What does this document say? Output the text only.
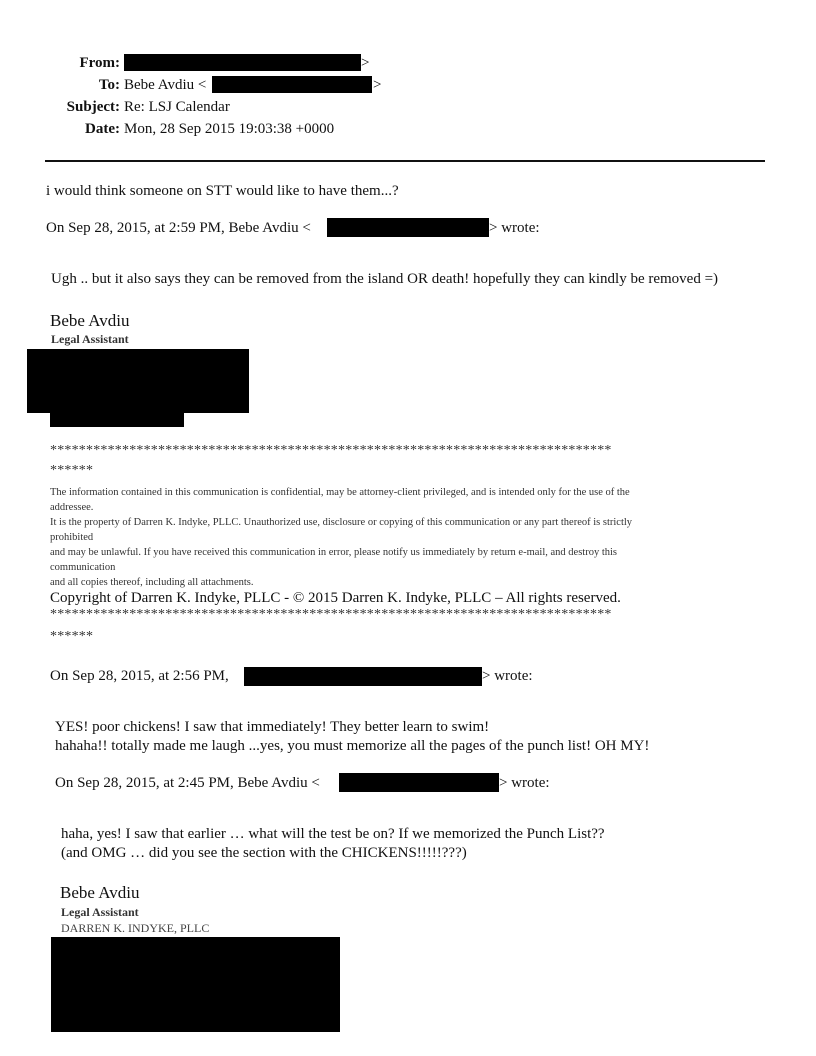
From:	>
To: Bebe Avdiu <	>
Subject: Re: LSJ Calendar
Date: Mon, 28 Sep 2015 19:03:38 +0000
i would think someone on STT would like to have them...?
On Sep 28, 2015, at 2:59 PM, Bebe Avdiu <	> wrote:
Ugh .. but it also says they can be removed from the island OR death! hopefully they can kindly be removed =)
Bebe Avdiu
Legal Assistant
******************************************************************************
******
The information contained in this communication is confidential, may be attorney-client privileged, and is intended only for the use of the
addressee.
It is the property of Darren K. Indyke, PLLC. Unauthorized use, disclosure or copying of this communication or any part thereof is strictly
prohibited
and may be unlawful. If you have received this communication in error, please notify us immediately by return e-mail, and destroy this
communication
and all copies thereof, including all attachments.
Copyright of Darren K. Indyke, PLLC - © 2015 Darren K. Indyke, PLLC – All rights reserved.
******************************************************************************
******
On Sep 28, 2015, at 2:56 PM,	> wrote:
YES! poor chickens! I saw that immediately! They better learn to swim!
hahaha!! totally made me laugh ...yes, you must memorize all the pages of the punch list! OH MY!
On Sep 28, 2015, at 2:45 PM, Bebe Avdiu <	> wrote:
haha, yes! I saw that earlier … what will the test be on? If we memorized the Punch List??
(and OMG … did you see the section with the CHICKENS!!!!!???)
Bebe Avdiu
Legal Assistant
DARREN K. INDYKE, PLLC
